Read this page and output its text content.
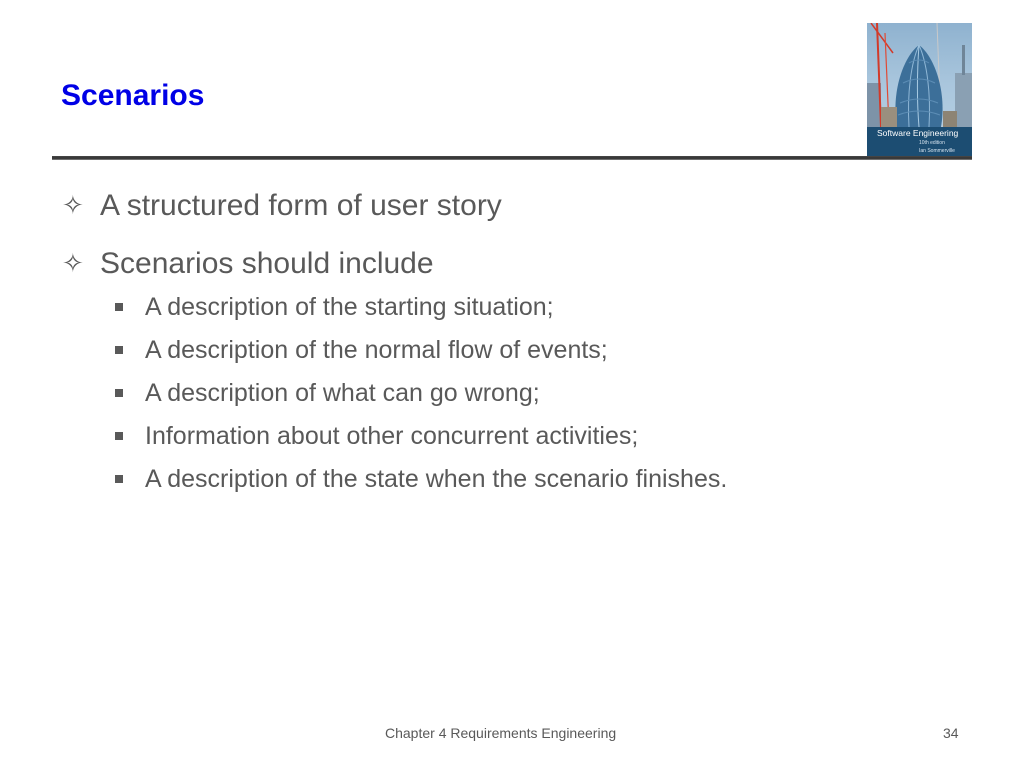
Scenarios
Software Engineering
10th edition
Ian Sommerville
✧ A structured form of user story
✧ Scenarios should include
A description of the starting situation;
A description of the normal flow of events;
A description of what can go wrong;
Information about other concurrent activities;
A description of the state when the scenario finishes.
Chapter 4 Requirements Engineering	34
